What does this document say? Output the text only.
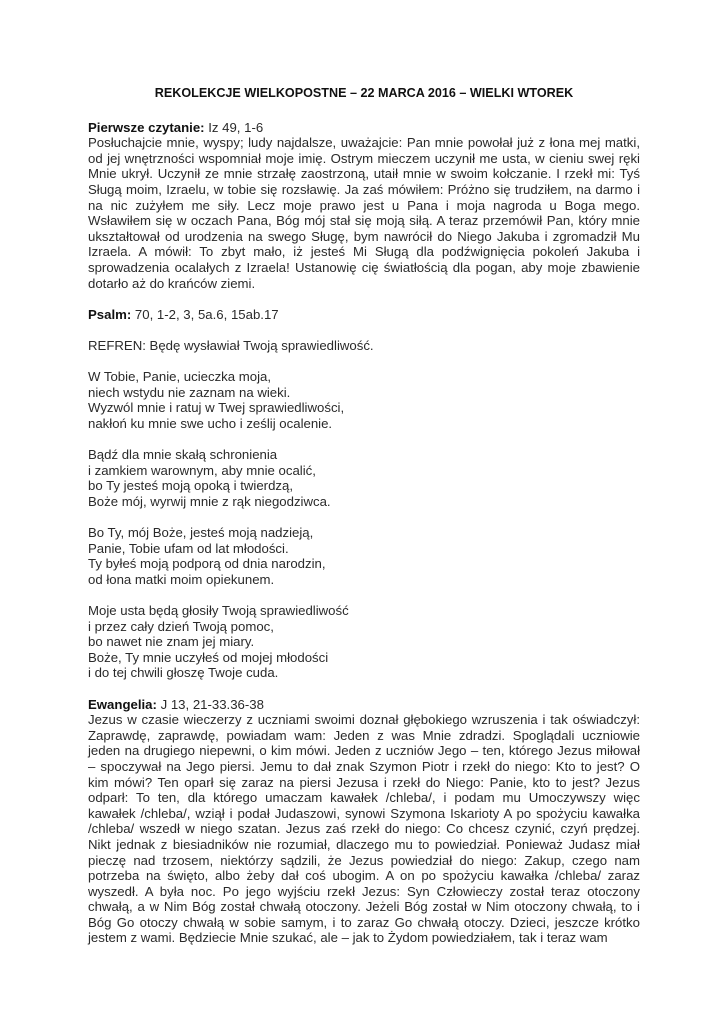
REKOLEKCJE WIELKOPOSTNE – 22 MARCA 2016 – WIELKI WTOREK
Pierwsze czytanie: Iz 49, 1-6
Posłuchajcie mnie, wyspy; ludy najdalsze, uważajcie: Pan mnie powołał już z łona mej matki,
od jej wnętrzności wspomniał moje imię. Ostrym mieczem uczynił me usta, w cieniu swej ręki
Mnie ukrył. Uczynił ze mnie strzałę zaostrzoną, utaił mnie w swoim kołczanie. I rzekł mi: Tyś
Sługą moim, Izraelu, w tobie się rozsławię. Ja zaś mówiłem: Próżno się trudziłem, na darmo i
na nic zużyłem me siły. Lecz moje prawo jest u Pana i moja nagroda u Boga mego.
Wsławiłem się w oczach Pana, Bóg mój stał się moją siłą. A teraz przemówił Pan, który mnie
ukształtował od urodzenia na swego Sługę, bym nawrócił do Niego Jakuba i zgromadził Mu
Izraela. A mówił: To zbyt mało, iż jesteś Mi Sługą dla podźwignięcia pokoleń Jakuba i
sprowadzenia ocalałych z Izraela! Ustanowię cię światłością dla pogan, aby moje zbawienie
dotarło aż do krańców ziemi.
Psalm: 70, 1-2, 3, 5a.6, 15ab.17
REFREN: Będę wysławiał Twoją sprawiedliwość.
W Tobie, Panie, ucieczka moja,
niech wstydu nie zaznam na wieki.
Wyzwól mnie i ratuj w Twej sprawiedliwości,
nakłoń ku mnie swe ucho i ześlij ocalenie.
Bądź dla mnie skałą schronienia
i zamkiem warownym, aby mnie ocalić,
bo Ty jesteś moją opoką i twierdzą,
Boże mój, wyrwij mnie z rąk niegodziwca.
Bo Ty, mój Boże, jesteś moją nadzieją,
Panie, Tobie ufam od lat młodości.
Ty byłeś moją podporą od dnia narodzin,
od łona matki moim opiekunem.
Moje usta będą głosiły Twoją sprawiedliwość
i przez cały dzień Twoją pomoc,
bo nawet nie znam jej miary.
Boże, Ty mnie uczyłeś od mojej młodości
i do tej chwili głoszę Twoje cuda.
Ewangelia: J 13, 21-33.36-38
Jezus w czasie wieczerzy z uczniami swoimi doznał głębokiego wzruszenia i tak oświadczył:
Zaprawdę, zaprawdę, powiadam wam: Jeden z was Mnie zdradzi. Spoglądali uczniowie
jeden na drugiego niepewni, o kim mówi. Jeden z uczniów Jego – ten, którego Jezus miłował
– spoczywał na Jego piersi. Jemu to dał znak Szymon Piotr i rzekł do niego: Kto to jest? O
kim mówi? Ten oparł się zaraz na piersi Jezusa i rzekł do Niego: Panie, kto to jest? Jezus
odparł: To ten, dla którego umaczam kawałek /chleba/, i podam mu Umoczywszy więc
kawałek /chleba/, wziął i podał Judaszowi, synowi Szymona Iskarioty A po spożyciu kawałka
/chleba/ wszedł w niego szatan. Jezus zaś rzekł do niego: Co chcesz czynić, czyń prędzej.
Nikt jednak z biesiadników nie rozumiał, dlaczego mu to powiedział. Ponieważ Judasz miał
pieczę nad trzosem, niektórzy sądzili, że Jezus powiedział do niego: Zakup, czego nam
potrzeba na święto, albo żeby dał coś ubogim. A on po spożyciu kawałka /chleba/ zaraz
wyszedł. A była noc. Po jego wyjściu rzekł Jezus: Syn Człowieczy został teraz otoczony
chwałą, a w Nim Bóg został chwałą otoczony. Jeżeli Bóg został w Nim otoczony chwałą, to i
Bóg Go otoczy chwałą w sobie samym, i to zaraz Go chwałą otoczy. Dzieci, jeszcze krótko
jestem z wami. Będziecie Mnie szukać, ale – jak to Żydom powiedziałem, tak i teraz wam
